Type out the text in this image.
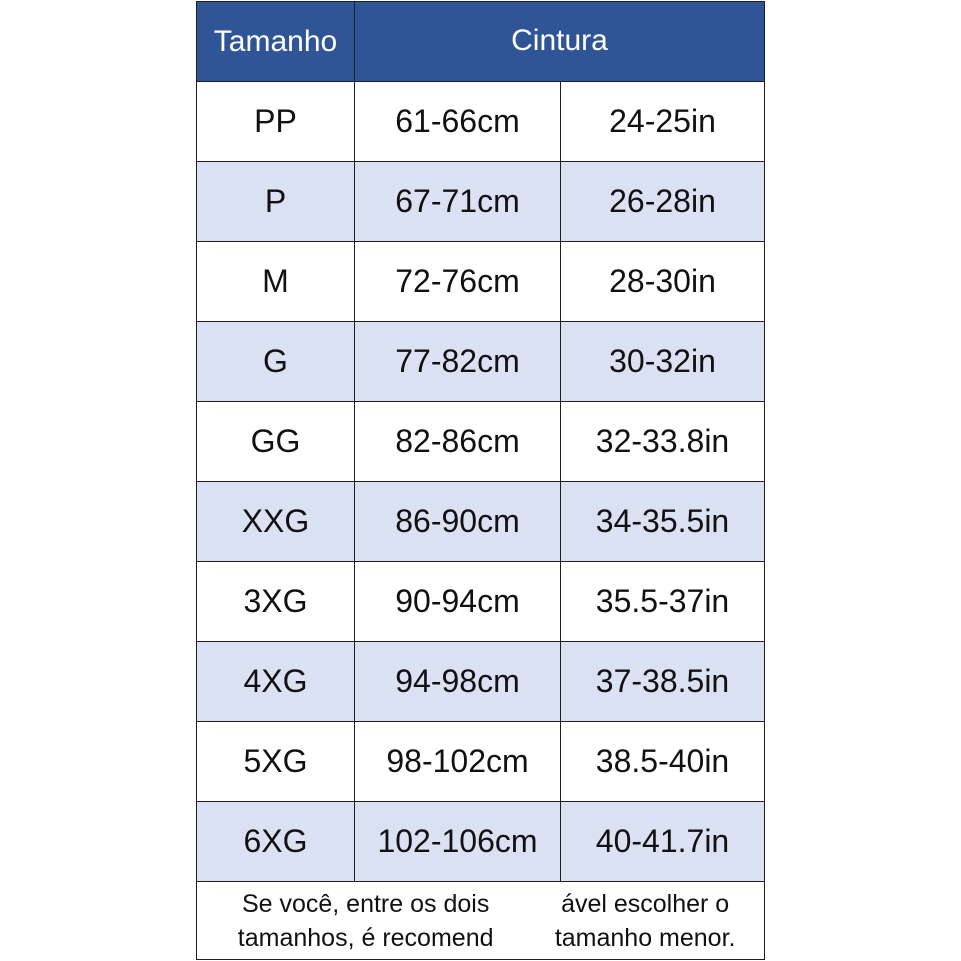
Tamanho	Cintura
PP	61-66cm	24-25in
P	67-71cm	26-28in
M	72-76cm	28-30in
G	77-82cm	30-32in
GG	82-86cm	32-33.8in
XXG	86-90cm	34-35.5in
3XG	90-94cm	35.5-37in
4XG	94-98cm	37-38.5in
5XG	98-102cm	38.5-40in
6XG	102-106cm	40-41.7in
Se você, entre os dois tamanhos, é recomend

ável escolher o tamanho menor.
